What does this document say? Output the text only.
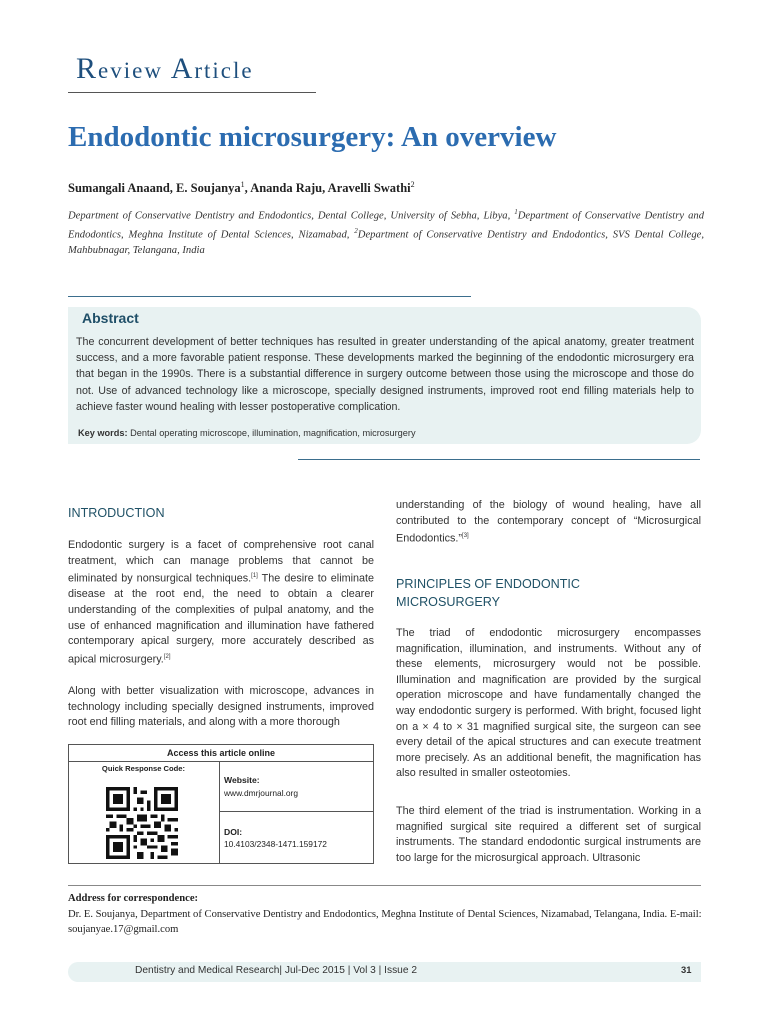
Review Article
Endodontic microsurgery: An overview
Sumangali Anaand, E. Soujanya$^1$, Ananda Raju, Aravelli Swathi$^2$
Department of Conservative Dentistry and Endodontics, Dental College, University of Sebha, Libya, $^1$Department of Conservative Dentistry and Endodontics, Meghna Institute of Dental Sciences, Nizamabad, $^2$Department of Conservative Dentistry and Endodontics, SVS Dental College, Mahbubnagar, Telangana, India
Abstract
The concurrent development of better techniques has resulted in greater understanding of the apical anatomy, greater treatment success, and a more favorable patient response. These developments marked the beginning of the endodontic microsurgery era that began in the 1990s. There is a substantial difference in surgery outcome between those using the microscope and those do not. Use of advanced technology like a microscope, specially designed instruments, improved root end filling materials help to achieve faster wound healing with lesser postoperative complication.
Key words: Dental operating microscope, illumination, magnification, microsurgery
INTRODUCTION
Endodontic surgery is a facet of comprehensive root canal treatment, which can manage problems that cannot be eliminated by nonsurgical techniques.[1] The desire to eliminate disease at the root end, the need to obtain a clearer understanding of the complexities of pulpal anatomy, and the use of enhanced magnification and illumination have fathered contemporary apical surgery, more accurately described as apical microsurgery.[2]
Along with better visualization with microscope, advances in technology including specially designed instruments, improved root end filling materials, and along with a more thorough
Access this article online
Quick Response Code:
Website:
www.dmrjournal.org
DOI:
10.4103/2348-1471.159172
understanding of the biology of wound healing, have all contributed to the contemporary concept of “Microsurgical Endodontics.”[3]
PRINCIPLES OF ENDODONTIC
MICROSURGERY
The triad of endodontic microsurgery encompasses magnification, illumination, and instruments. Without any of these elements, microsurgery would not be possible. Illumination and magnification are provided by the surgical operation microscope and have fundamentally changed the way endodontic surgery is performed. With bright, focused light on a × 4 to × 31 magnified surgical site, the surgeon can see every detail of the apical structures and can execute treatment more precisely. As an additional benefit, the magnification has also resulted in smaller osteotomies.
The third element of the triad is instrumentation. Working in a magnified surgical site required a different set of surgical instruments. The standard endodontic surgical instruments are too large for the microsurgical approach. Ultrasonic
Address for correspondence:
Dr. E. Soujanya, Department of Conservative Dentistry and Endodontics, Meghna Institute of Dental Sciences, Nizamabad, Telangana, India. E-mail: soujanyae.17@gmail.com
Dentistry and Medical Research| Jul-Dec 2015 | Vol 3 | Issue 2	31
